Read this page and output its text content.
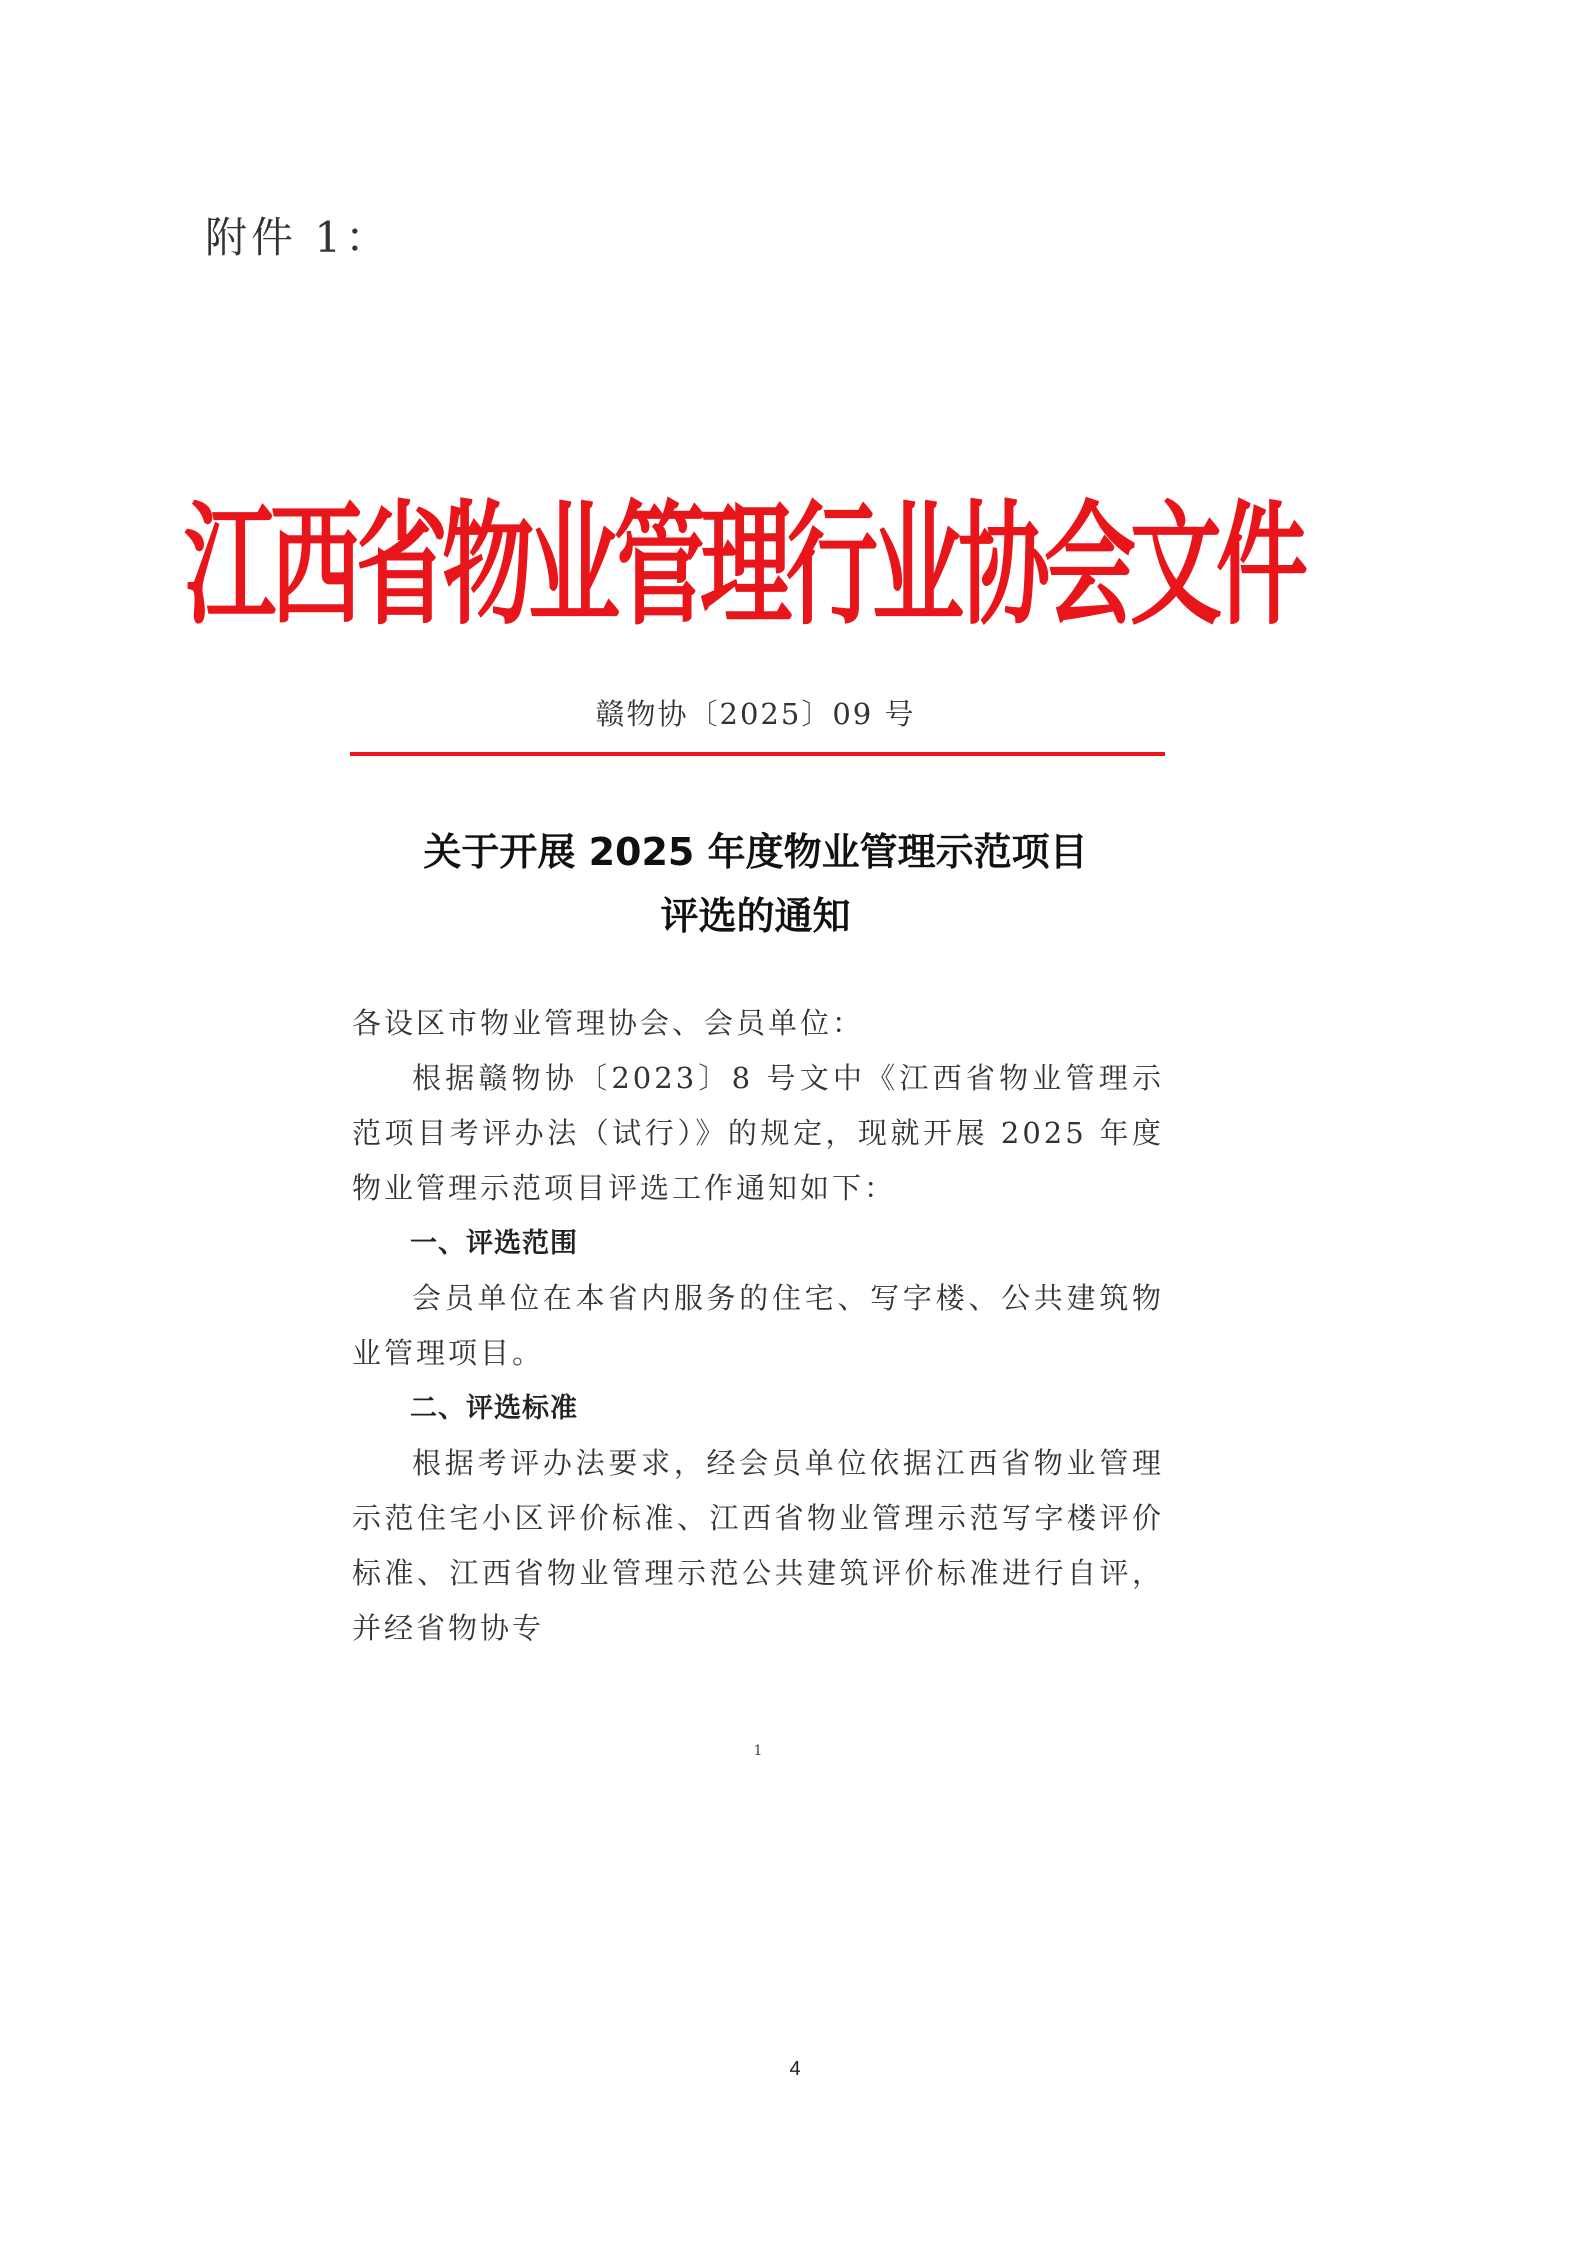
附件 1：
江西省物业管理行业协会文件
赣物协〔2025〕09 号
关于开展 2025 年度物业管理示范项目
评选的通知

各设区市物业管理协会、会员单位：

根据赣物协〔2023〕8 号文中《江西省物业管理示范项目考评办法（试行）》的规定，现就开展 2025 年度物业管理示范项目评选工作通知如下：

一、评选范围

会员单位在本省内服务的住宅、写字楼、公共建筑物业管理项目。

二、评选标准

根据考评办法要求，经会员单位依据江西省物业管理示范住宅小区评价标准、江西省物业管理示范写字楼评价标准、江西省物业管理示范公共建筑评价标准进行自评，并经省物协专

1
4
